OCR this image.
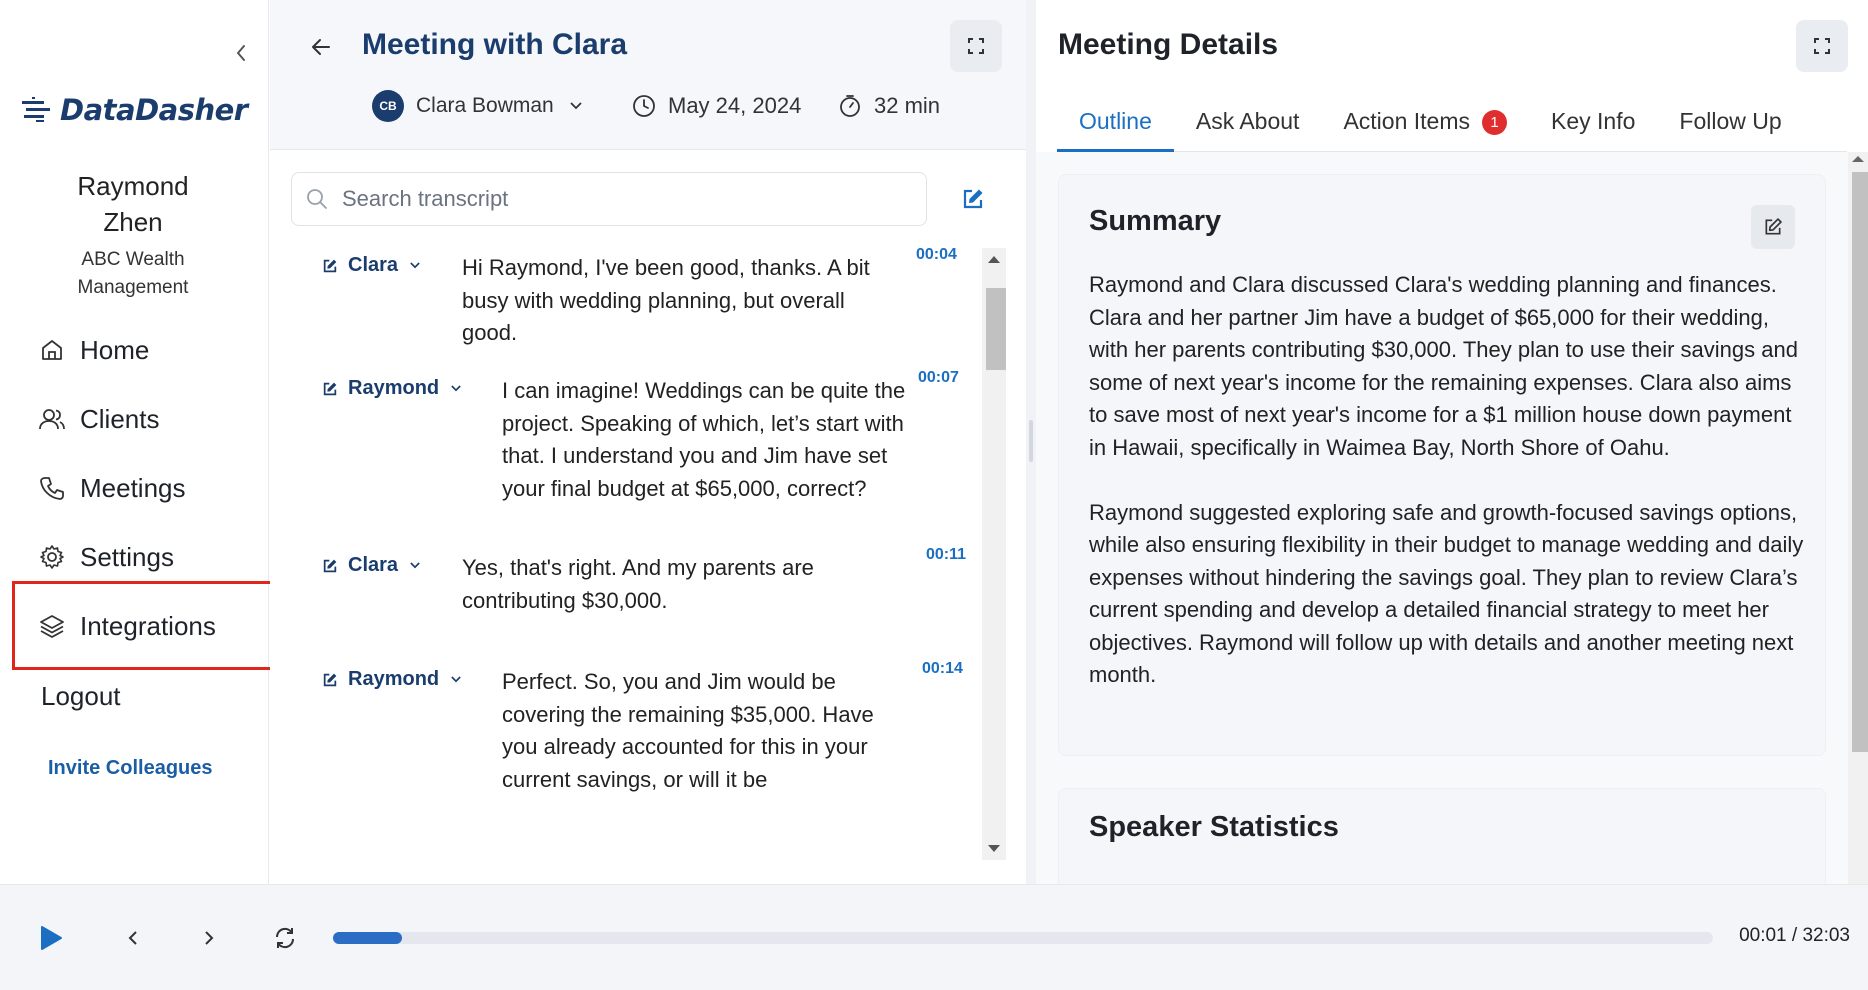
DataDasher
Raymond Zhen
ABC Wealth Management
Home
Clients
Meetings
Settings
Integrations
Logout
Invite Colleagues
Meeting with Clara
CB Clara Bowman	May 24, 2024	32 min
Search transcript
Clara	Hi Raymond, I've been good, thanks. A bit busy with wedding planning, but overall good.
00:04
Raymond	I can imagine! Weddings can be quite the project. Speaking of which, let’s start with that. I understand you and Jim have set your final budget at $65,000, correct?
00:07
Clara	Yes, that's right. And my parents are contributing $30,000.
00:11
Raymond	Perfect. So, you and Jim would be covering the remaining $35,000. Have you already accounted for this in your current savings, or will it be
00:14
Meeting Details
Outline Ask About Action Items	1	Key Info Follow Up
Summary

Raymond and Clara discussed Clara's wedding planning and finances. Clara and her partner Jim have a budget of $65,000 for their wedding, with her parents contributing $30,000. They plan to use their savings and some of next year's income for the remaining expenses. Clara also aims to save most of next year's income for a $1 million house down payment in Hawaii, specifically in Waimea Bay, North Shore of Oahu.

Raymond suggested exploring safe and growth-focused savings options, while also ensuring flexibility in their budget to manage wedding and daily expenses without hindering the savings goal. They plan to review Clara’s current spending and develop a detailed financial strategy to meet her objectives. Raymond will follow up with details and another meeting next month.

Speaker Statistics
00:01 / 32:03
